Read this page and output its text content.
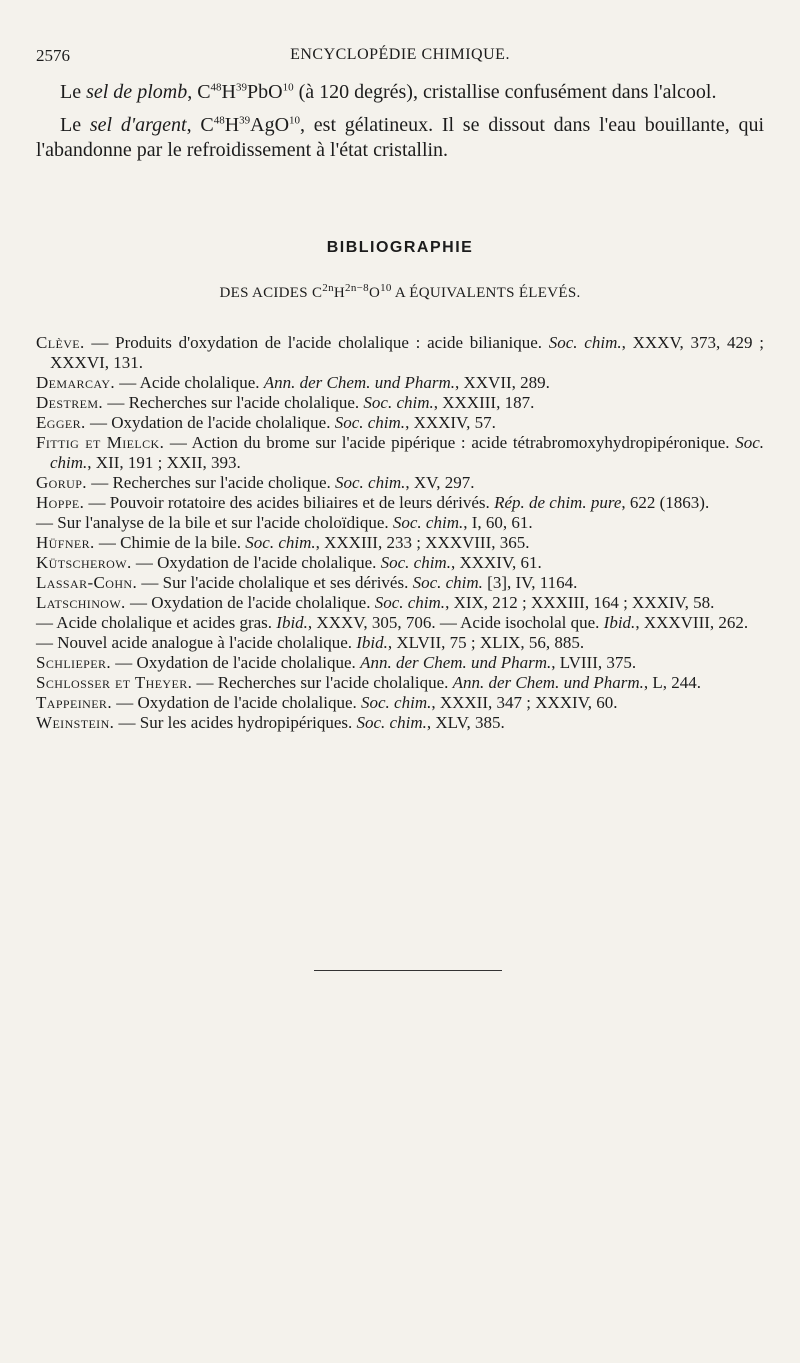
2576	ENCYCLOPÉDIE CHIMIQUE.

Le sel de plomb, $C^{48}H^{39}PbO^{10}$ (à 120 degrés), cristallise confusément dans l'alcool.

Le sel d'argent, $C^{48}H^{39}AgO^{10}$, est gélatineux. Il se dissout dans l'eau bouillante, qui l'abandonne par le refroidissement à l'état cristallin.

BIBLIOGRAPHIE
DES ACIDES $C^{2n}H^{2n-8}O^{10}$ A ÉQUIVALENTS ÉLEVÉS.

Clève. — Produits d'oxydation de l'acide cholalique : acide bilianique. Soc. chim., XXXV, 373, 429 ; XXXVI, 131.

Demarcay. — Acide cholalique. Ann. der Chem. und Pharm., XXVII, 289.

Destrem. — Recherches sur l'acide cholalique. Soc. chim., XXXIII, 187.

Egger. — Oxydation de l'acide cholalique. Soc. chim., XXXIV, 57.

Fittig et Mielck. — Action du brome sur l'acide pipérique : acide tétrabromoxyhydropipéronique. Soc. chim., XII, 191 ; XXII, 393.

Gorup. — Recherches sur l'acide cholique. Soc. chim., XV, 297.

Hoppe. — Pouvoir rotatoire des acides biliaires et de leurs dérivés. Rép. de chim. pure, 622 (1863).

— Sur l'analyse de la bile et sur l'acide choloïdique. Soc. chim., I, 60, 61.

Hüfner. — Chimie de la bile. Soc. chim., XXXIII, 233 ; XXXVIII, 365.

Kütscherow. — Oxydation de l'acide cholalique. Soc. chim., XXXIV, 61.

Lassar-Cohn. — Sur l'acide cholalique et ses dérivés. Soc. chim. [3], IV, 1164.

Latschinow. — Oxydation de l'acide cholalique. Soc. chim., XIX, 212 ; XXXIII, 164 ; XXXIV, 58.

— Acide cholalique et acides gras. Ibid., XXXV, 305, 706. — Acide isocholal que. Ibid., XXXVIII, 262.

— Nouvel acide analogue à l'acide cholalique. Ibid., XLVII, 75 ; XLIX, 56, 885.

Schlieper. — Oxydation de l'acide cholalique. Ann. der Chem. und Pharm., LVIII, 375.

Schlosser et Theyer. — Recherches sur l'acide cholalique. Ann. der Chem. und Pharm., L, 244.

Tappeiner. — Oxydation de l'acide cholalique. Soc. chim., XXXII, 347 ; XXXIV, 60.

Weinstein. — Sur les acides hydropipériques. Soc. chim., XLV, 385.
